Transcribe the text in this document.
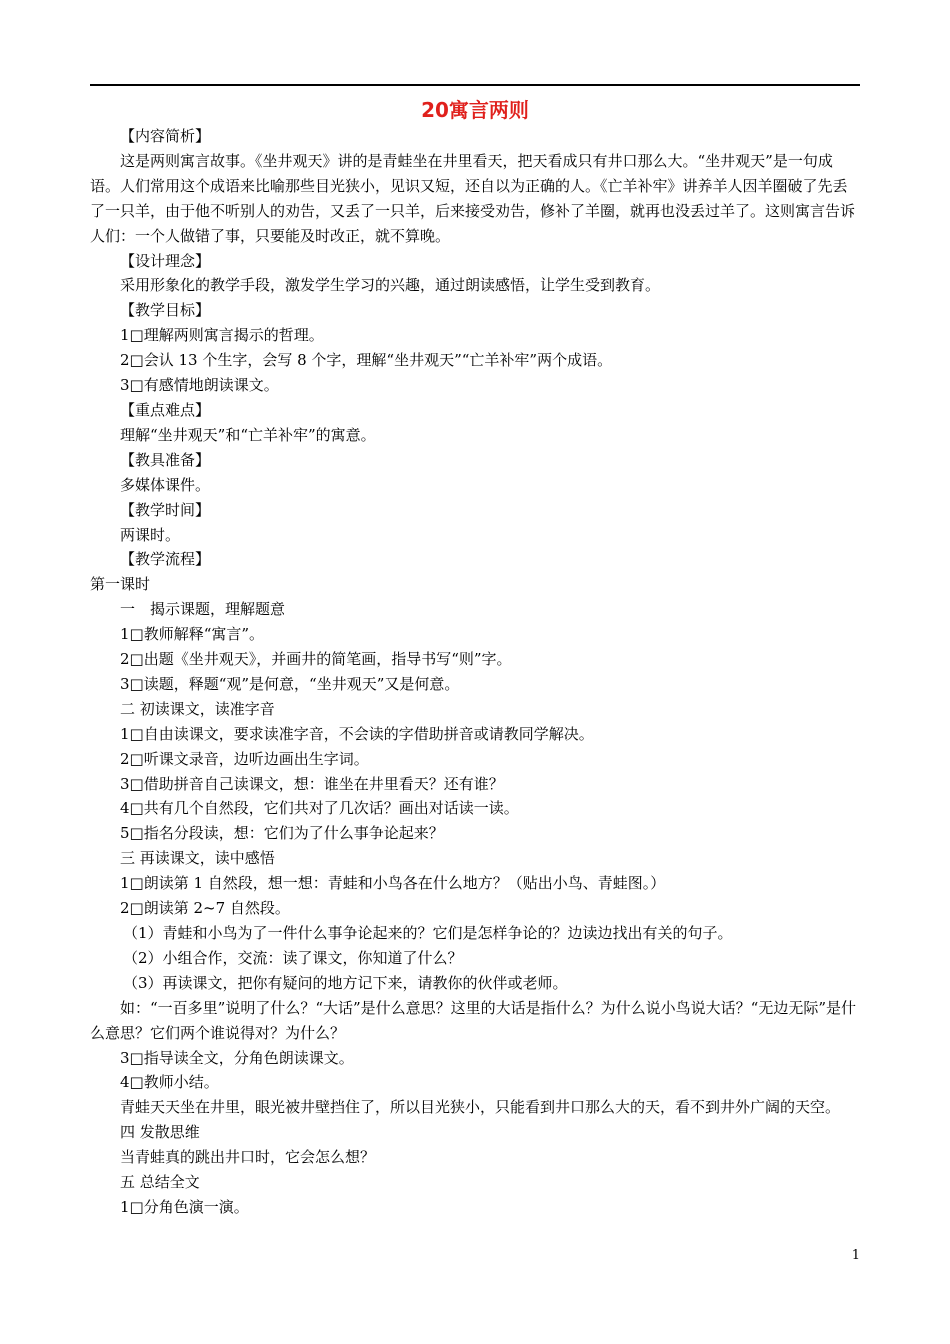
20寓言两则
【内容简析】
这是两则寓言故事。《坐井观天》讲的是青蛙坐在井里看天，把天看成只有井口那么大。“坐井观天”是一句成语。人们常用这个成语来比喻那些目光狭小，见识又短，还自以为正确的人。《亡羊补牢》讲养羊人因羊圈破了先丢了一只羊，由于他不听别人的劝告，又丢了一只羊，后来接受劝告，修补了羊圈，就再也没丢过羊了。这则寓言告诉人们：一个人做错了事，只要能及时改正，就不算晚。
【设计理念】
采用形象化的教学手段，激发学生学习的兴趣，通过朗读感悟，让学生受到教育。
【教学目标】
1□理解两则寓言揭示的哲理。
2□会认 13 个生字，会写 8 个字，理解“坐井观天”“亡羊补牢”两个成语。
3□有感情地朗读课文。
【重点难点】
理解“坐井观天”和“亡羊补牢”的寓意。
【教具准备】
多媒体课件。
【教学时间】
两课时。
【教学流程】
第一课时
一　揭示课题，理解题意
1□教师解释“寓言”。
2□出题《坐井观天》，并画井的简笔画，指导书写“则”字。
3□读题，释题“观”是何意，“坐井观天”又是何意。
二 初读课文，读准字音
1□自由读课文，要求读准字音，不会读的字借助拼音或请教同学解决。
2□听课文录音，边听边画出生字词。
3□借助拼音自己读课文，想：谁坐在井里看天？还有谁？
4□共有几个自然段，它们共对了几次话？画出对话读一读。
5□指名分段读，想：它们为了什么事争论起来？
三 再读课文，读中感悟
1□朗读第 1 自然段，想一想：青蛙和小鸟各在什么地方？（贴出小鸟、青蛙图。）
2□朗读第 2~7 自然段。
（1）青蛙和小鸟为了一件什么事争论起来的？它们是怎样争论的？边读边找出有关的句子。
（2）小组合作，交流：读了课文，你知道了什么？
（3）再读课文，把你有疑问的地方记下来，请教你的伙伴或老师。
如：“一百多里”说明了什么？“大话”是什么意思？这里的大话是指什么？为什么说小鸟说大话？“无边无际”是什么意思？它们两个谁说得对？为什么？
3□指导读全文，分角色朗读课文。
4□教师小结。
青蛙天天坐在井里，眼光被井壁挡住了，所以目光狭小，只能看到井口那么大的天，看不到井外广阔的天空。
四 发散思维
当青蛙真的跳出井口时，它会怎么想？
五 总结全文
1□分角色演一演。
1
